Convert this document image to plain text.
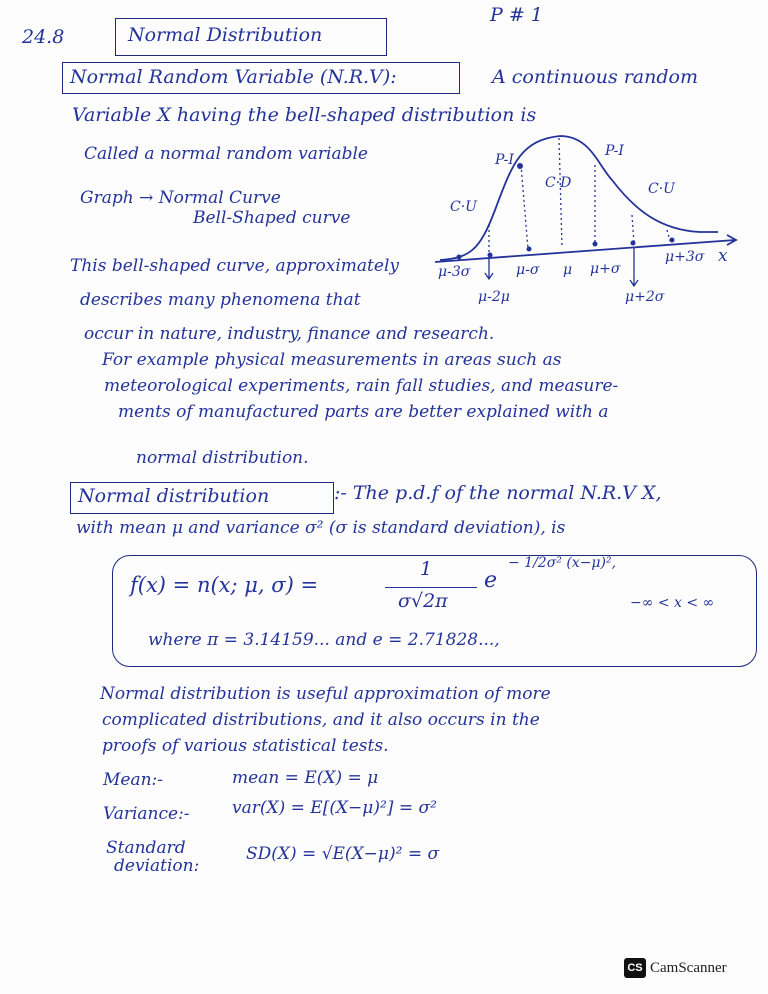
24.8	Normal Distribution
P # 1
Normal Random Variable (N.R.V):	A continuous random
Variable X having the bell-shaped distribution is
Called a normal random variable
Graph → Normal Curve
Bell-Shaped curve
P-I
P-I
C·D
C·U
C·U
x
μ-3σ
μ-2μ
μ-σ μ μ+σ
μ+2σ
μ+3σ
This bell-shaped curve, approximately
describes many phenomena that
occur in nature, industry, finance and research.
For example physical measurements in areas such as
meteorological experiments, rain fall studies, and measure-
ments of manufactured parts are better explained with a
normal distribution.
Normal distribution	:- The p.d.f of the normal N.R.V X,
with mean μ and variance σ² (σ is standard deviation), is
f(x) = n(x; μ, σ) =
1
σ√2π
e
− 1/2σ² (x−μ)²,
−∞ < x < ∞
where π = 3.14159... and e = 2.71828...,
Normal distribution is useful approximation of more
complicated distributions, and it also occurs in the
proofs of various statistical tests.
Mean:-	mean = E(X) = μ
Variance:- var(X) = E[(X−μ)²] = σ²
Standard
deviation:
SD(X) = √E(X−μ)² = σ
CS CamScanner
